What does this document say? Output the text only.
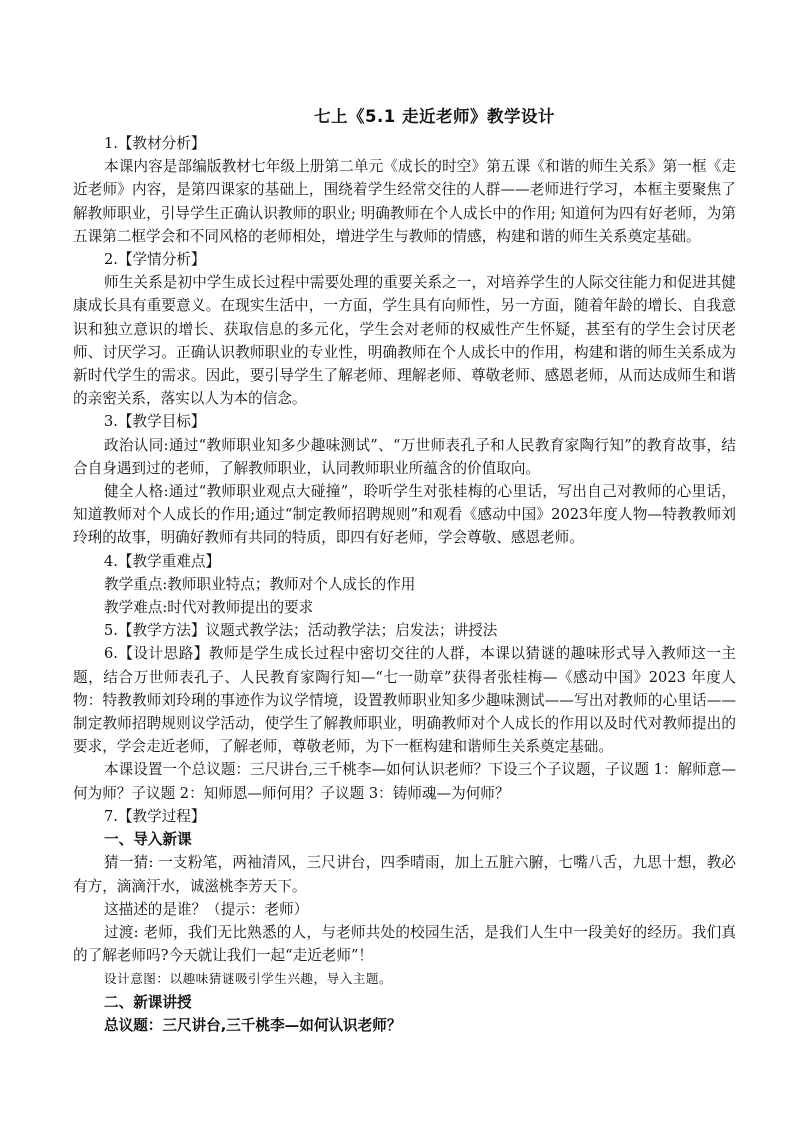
七上《5.1 走近老师》教学设计
1.【教材分析】
本课内容是部编版教材七年级上册第二单元《成长的时空》第五课《和谐的师生关系》第一框《走近老师》内容，是第四课家的基础上，围绕着学生经常交往的人群——老师进行学习，本框主要聚焦了解教师职业，引导学生正确认识教师的职业; 明确教师在个人成长中的作用; 知道何为四有好老师，为第五课第二框学会和不同风格的老师相处，增进学生与教师的情感，构建和谐的师生关系奠定基础。
2.【学情分析】
师生关系是初中学生成长过程中需要处理的重要关系之一，对培养学生的人际交往能力和促进其健康成长具有重要意义。在现实生活中，一方面，学生具有向师性，另一方面，随着年龄的增长、自我意识和独立意识的增长、获取信息的多元化，学生会对老师的权威性产生怀疑，甚至有的学生会讨厌老师、讨厌学习。正确认识教师职业的专业性，明确教师在个人成长中的作用，构建和谐的师生关系成为新时代学生的需求。因此，要引导学生了解老师、理解老师、尊敬老师、感恩老师，从而达成师生和谐的亲密关系，落实以人为本的信念。
3.【教学目标】
政治认同:通过“教师职业知多少趣味测试”、“万世师表孔子和人民教育家陶行知”的教育故事，结合自身遇到过的老师，了解教师职业，认同教师职业所蕴含的价值取向。
健全人格:通过“教师职业观点大碰撞”，聆听学生对张桂梅的心里话，写出自己对教师的心里话，知道教师对个人成长的作用;通过“制定教师招聘规则”和观看《感动中国》2023年度人物—特教教师刘玲琍的故事，明确好教师有共同的特质，即四有好老师，学会尊敬、感恩老师。
4.【教学重难点】
教学重点:教师职业特点；教师对个人成长的作用
教学难点:时代对教师提出的要求
5.【教学方法】议题式教学法；活动教学法；启发法；讲授法
6.【设计思路】教师是学生成长过程中密切交往的人群，本课以猜谜的趣味形式导入教师这一主题，结合万世师表孔子、人民教育家陶行知—“七一勋章”获得者张桂梅—《感动中国》2023 年度人物：特教教师刘玲琍的事迹作为议学情境，设置教师职业知多少趣味测试——写出对教师的心里话——制定教师招聘规则议学活动，使学生了解教师职业，明确教师对个人成长的作用以及时代对教师提出的要求，学会走近老师，了解老师，尊敬老师，为下一框构建和谐师生关系奠定基础。
本课设置一个总议题：三尺讲台,三千桃李—如何认识老师？下设三个子议题，子议题 1：解师意—何为师？子议题 2：知师恩—师何用？子议题 3：铸师魂—为何师？
7.【教学过程】
一、导入新课
猜一猜: 一支粉笔，两袖清风，三尺讲台，四季晴雨，加上五脏六腑，七嘴八舌，九思十想，教必有方，滴滴汗水，诚滋桃李芳天下。
这描述的是谁？（提示：老师）
过渡: 老师，我们无比熟悉的人，与老师共处的校园生活，是我们人生中一段美好的经历。我们真的了解老师吗?今天就让我们一起“走近老师”！
设计意图：以趣味猜谜吸引学生兴趣，导入主题。
二、新课讲授
总议题：三尺讲台,三千桃李—如何认识老师？
